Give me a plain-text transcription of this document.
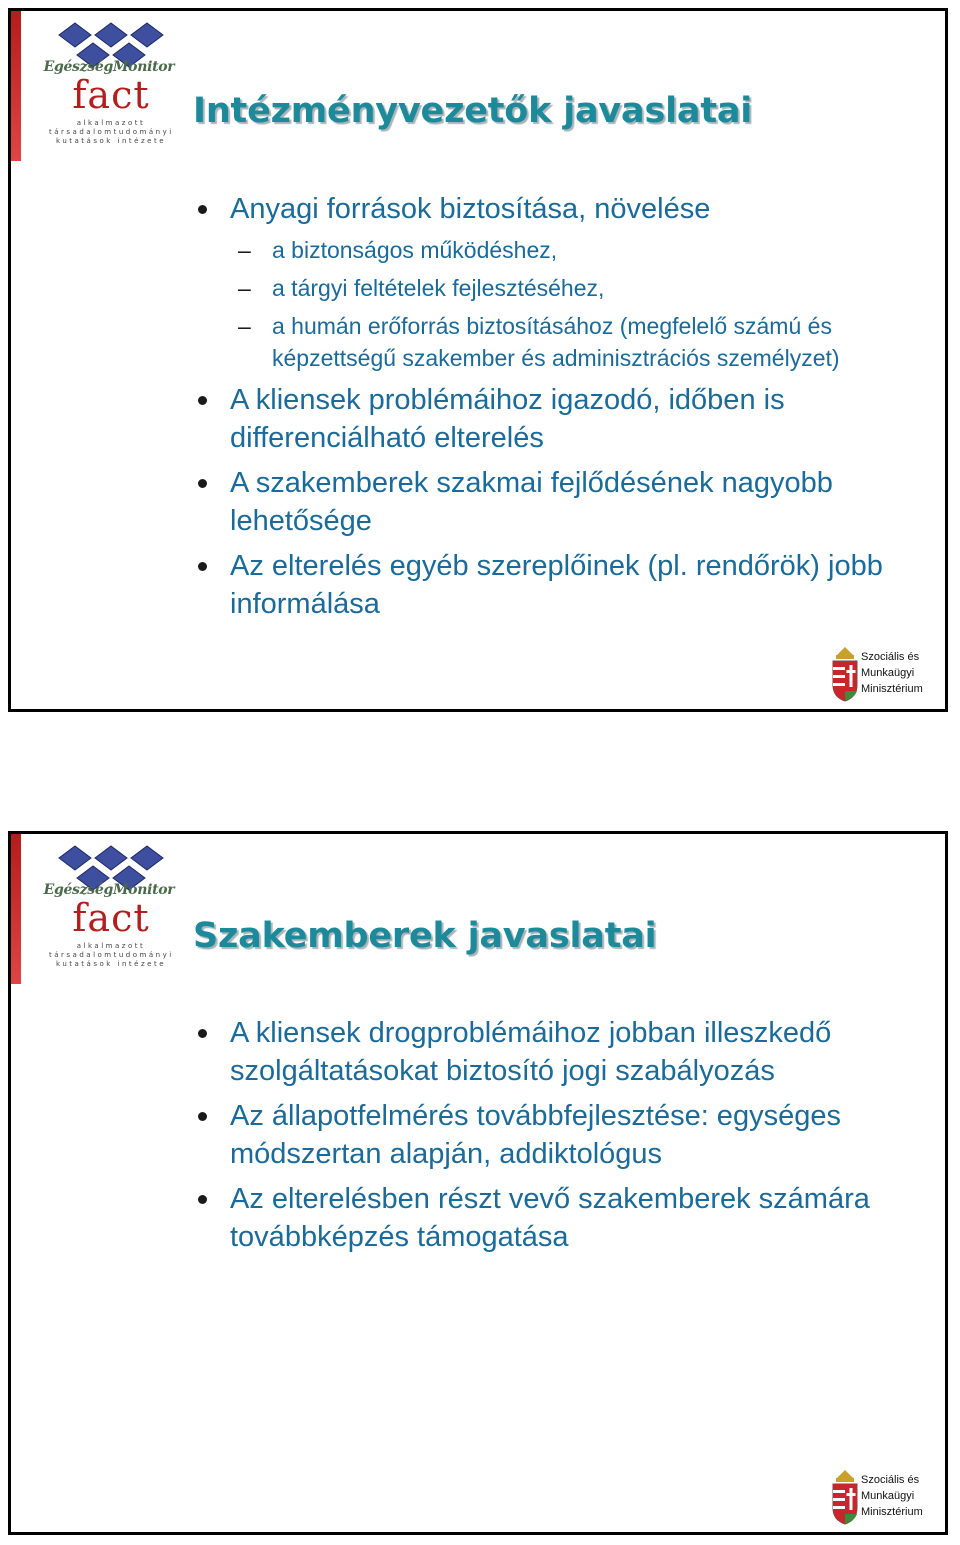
EgészségMonitor
fact
alkalmazott
társadalomtudományi
kutatások intézete
Intézményvezetők javaslatai
Anyagi források biztosítása, növelése
– a biztonságos működéshez,
– a tárgyi feltételek fejlesztéséhez,
– a humán erőforrás biztosításához (megfelelő számú és képzettségű szakember és adminisztrációs személyzet)
A kliensek problémáihoz igazodó, időben is differenciálható elterelés
A szakemberek szakmai fejlődésének nagyobb lehetősége
Az elterelés egyéb szereplőinek (pl. rendőrök) jobb informálása
Szociális és
Munkaügyi
Minisztérium
EgészségMonitor
fact
alkalmazott
társadalomtudományi
kutatások intézete
Szakemberek javaslatai
A kliensek drogproblémáihoz jobban illeszkedő szolgáltatásokat biztosító jogi szabályozás
Az állapotfelmérés továbbfejlesztése: egységes módszertan alapján, addiktológus
Az elterelésben részt vevő szakemberek számára továbbképzés támogatása
Szociális és
Munkaügyi
Minisztérium
